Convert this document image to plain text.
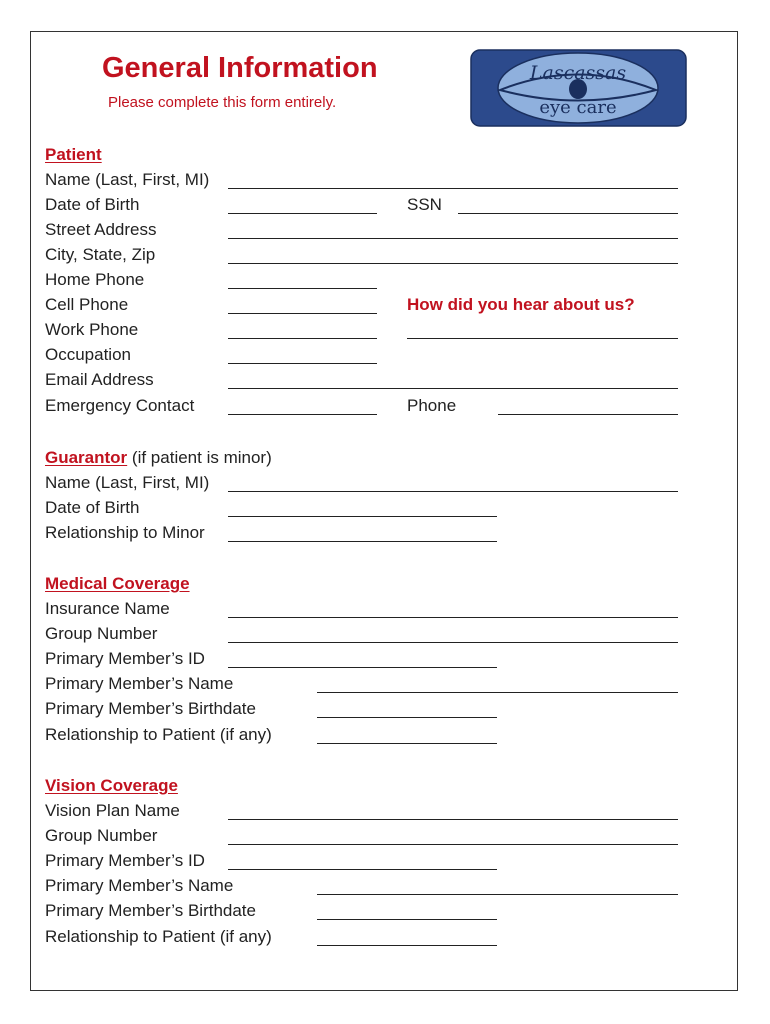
General Information
Please complete this form entirely.
Lascassas
eye care
Patient
Name (Last, First, MI)
Date of Birth	SSN
Street Address
City, State, Zip
Home Phone
Cell Phone	How did you hear about us?
Work Phone
Occupation
Email Address
Emergency Contact	Phone
Guarantor (if patient is minor)
Name (Last, First, MI)
Date of Birth
Relationship to Minor
Medical Coverage
Insurance Name
Group Number
Primary Member’s ID
Primary Member’s Name
Primary Member’s Birthdate
Relationship to Patient (if any)
Vision Coverage
Vision Plan Name
Group Number
Primary Member’s ID
Primary Member’s Name
Primary Member’s Birthdate
Relationship to Patient (if any)
